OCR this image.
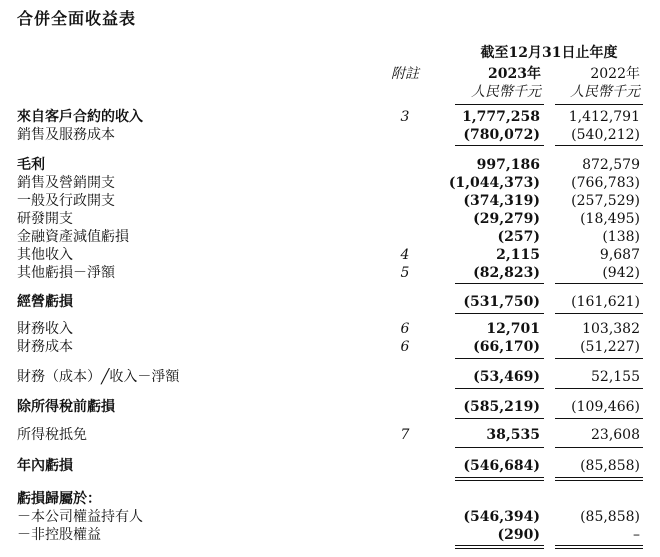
合併全面收益表
截至12月31日止年度
附註	2023年	2022年
人民幣千元	人民幣千元
來自客戶合約的收入	3	1,777,258	1,412,791
銷售及服務成本	(780,072)	(540,212)
毛利	997,186	872,579
銷售及營銷開支	(1,044,373)	(766,783)
一般及行政開支	(374,319)	(257,529)
研發開支	(29,279)	(18,495)
金融資產減值虧損	(257)	(138)
其他收入	4	2,115	9,687
其他虧損－淨額	5	(82,823)	(942)
經營虧損	(531,750)	(161,621)
財務收入	6	12,701	103,382
財務成本	6	(66,170)	(51,227)
財務（成本）╱收入－淨額	(53,469)	52,155
除所得稅前虧損	(585,219)	(109,466)
所得稅抵免	7	38,535	23,608
年內虧損	(546,684)	(85,858)
虧損歸屬於：
－本公司權益持有人	(546,394)	(85,858)
－非控股權益	(290)	–
